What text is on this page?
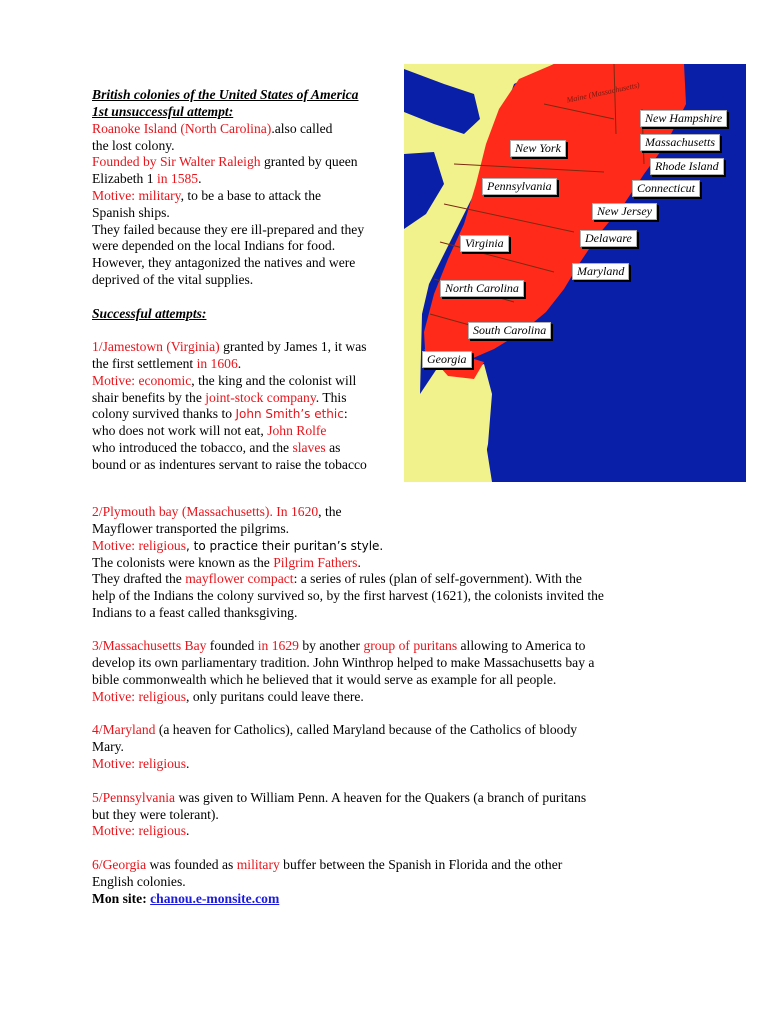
British colonies of the United States of America
1st unsuccessful attempt:
Roanoke Island (North Carolina).also called
the lost colony.
Founded by Sir Walter Raleigh granted by queen
Elizabeth 1 in 1585.
Motive: military, to be a base to attack the
Spanish ships.
They failed because they ere ill-prepared and they
were depended on the local Indians for food.
However, they antagonized the natives and were
deprived of the vital supplies.
Successful attempts:
1/Jamestown (Virginia) granted by James 1, it was
the first settlement in 1606.
Motive: economic, the king and the colonist will
shair benefits by the joint-stock company. This
colony survived thanks to John Smith’s ethic:
who does not work will not eat, John Rolfe
who introduced the tobacco, and the slaves as
bound or as indentures servant to raise the tobacco
2/Plymouth bay (Massachusetts). In 1620, the
Mayflower transported the pilgrims.
Motive: religious, to practice their puritan’s style.
The colonists were known as the Pilgrim Fathers.
They drafted the mayflower compact: a series of rules (plan of self-government). With the
help of the Indians the colony survived so, by the first harvest (1621), the colonists invited the
Indians to a feast called thanksgiving.
3/Massachusetts Bay founded in 1629 by another group of puritans allowing to America to
develop its own parliamentary tradition. John Winthrop helped to make Massachusetts bay a
bible commonwealth which he believed that it would serve as example for all people.
Motive: religious, only puritans could leave there.
4/Maryland (a heaven for Catholics), called Maryland because of the Catholics of bloody
Mary.
Motive: religious.
5/Pennsylvania was given to William Penn. A heaven for the Quakers (a branch of puritans
but they were tolerant).
Motive: religious.
6/Georgia was founded as military buffer between the Spanish in Florida and the other
English colonies.
Mon site: chanou.e-monsite.com
Maine (Massachusetts)
New Hampshire
Massachusetts
Rhode Island
New York
Connecticut
Pennsylvania
New Jersey
Delaware
Virginia
Maryland
North Carolina
South Carolina
Georgia
